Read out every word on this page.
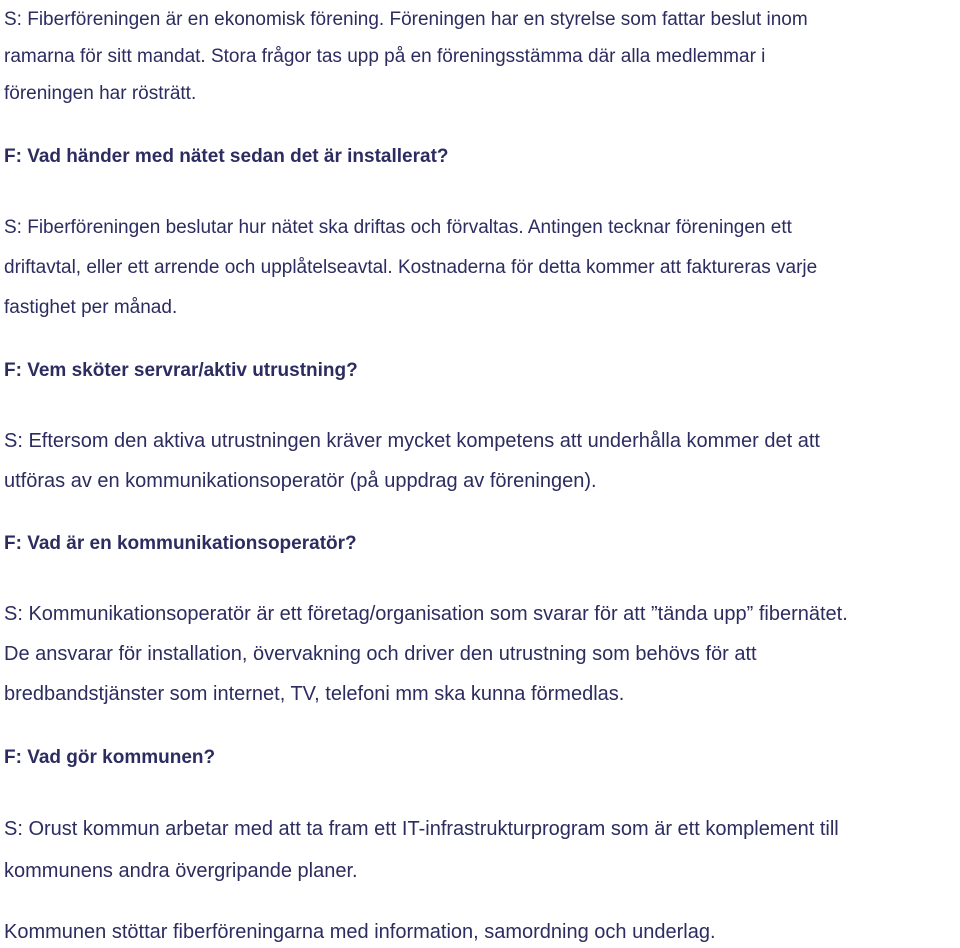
S: Fiberföreningen är en ekonomisk förening. Föreningen har en styrelse som fattar beslut inom
ramarna för sitt mandat. Stora frågor tas upp på en föreningsstämma där alla medlemmar i
föreningen har rösträtt.

F: Vad händer med nätet sedan det är installerat?

S: Fiberföreningen beslutar hur nätet ska driftas och förvaltas. Antingen tecknar föreningen ett
driftavtal, eller ett arrende och upplåtelseavtal. Kostnaderna för detta kommer att faktureras varje
fastighet per månad.

F: Vem sköter servrar/aktiv utrustning?

S: Eftersom den aktiva utrustningen kräver mycket kompetens att underhålla kommer det att
utföras av en kommunikationsoperatör (på uppdrag av föreningen).

F: Vad är en kommunikationsoperatör?

S: Kommunikationsoperatör är ett företag/organisation som svarar för att ”tända upp” fibernätet.
De ansvarar för installation, övervakning och driver den utrustning som behövs för att
bredbandstjänster som internet, TV, telefoni mm ska kunna förmedlas.

F: Vad gör kommunen?

S: Orust kommun arbetar med att ta fram ett IT-infrastrukturprogram som är ett komplement till
kommunens andra övergripande planer.

Kommunen stöttar fiberföreningarna med information, samordning och underlag.
